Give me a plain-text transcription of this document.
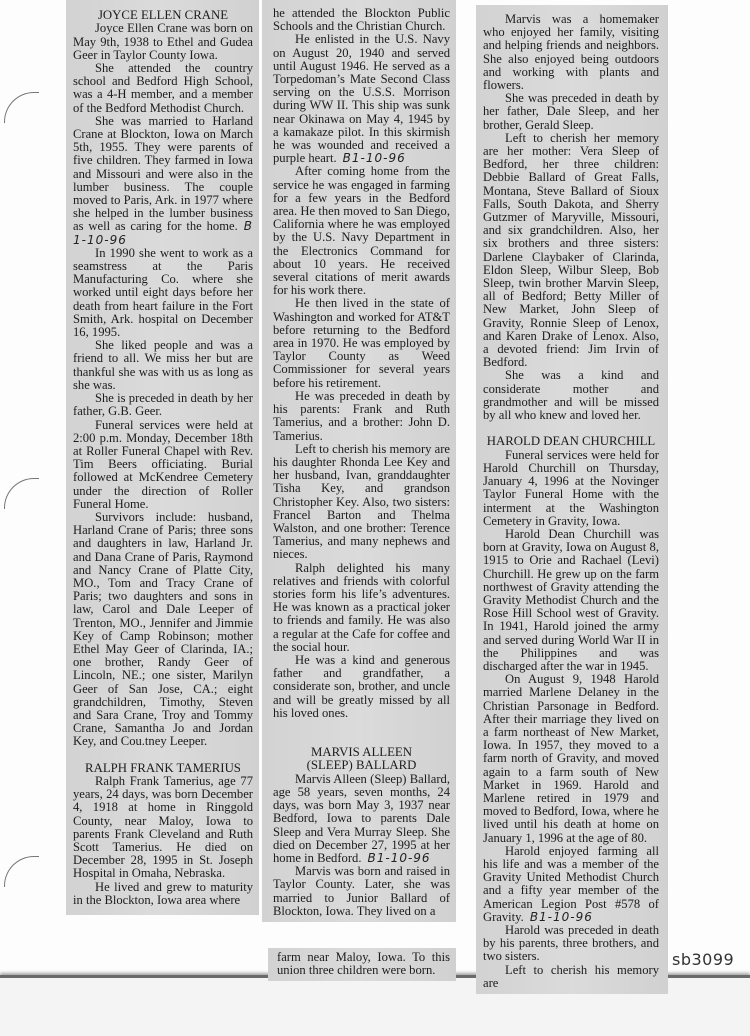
JOYCE ELLEN CRANE

Joyce Ellen Crane was born on May 9th, 1938 to Ethel and Gudea Geer in Taylor County Iowa.

She attended the country school and Bedford High School, was a 4-H member, and a member of the Bedford Methodist Church.

She was married to Harland Crane at Blockton, Iowa on March 5th, 1955. They were parents of five children. They farmed in Iowa and Missouri and were also in the lumber business. The couple moved to Paris, Ark. in 1977 where she helped in the lumber business as well as caring for the home. B 1-10-96

In 1990 she went to work as a seamstress at the Paris Manufacturing Co. where she worked until eight days before her death from heart failure in the Fort Smith, Ark. hospital on December 16, 1995.

She liked people and was a friend to all. We miss her but are thankful she was with us as long as she was.

She is preceded in death by her father, G.B. Geer.

Funeral services were held at 2:00 p.m. Monday, December 18th at Roller Funeral Chapel with Rev. Tim Beers officiating. Burial followed at McKendree Cemetery under the direction of Roller Funeral Home.

Survivors include: husband, Harland Crane of Paris; three sons and daughters in law, Harland Jr. and Dana Crane of Paris, Raymond and Nancy Crane of Platte City, MO., Tom and Tracy Crane of Paris; two daughters and sons in law, Carol and Dale Leeper of Trenton, MO., Jennifer and Jimmie Key of Camp Robinson; mother Ethel May Geer of Clarinda, IA.; one brother, Randy Geer of Lincoln, NE.; one sister, Marilyn Geer of San Jose, CA.; eight grandchildren, Timothy, Steven and Sara Crane, Troy and Tommy Crane, Samantha Jo and Jordan Key, and Cou.tney Leeper.

RALPH FRANK TAMERIUS

Ralph Frank Tamerius, age 77 years, 24 days, was born December 4, 1918 at home in Ringgold County, near Maloy, Iowa to parents Frank Cleveland and Ruth Scott Tamerius. He died on December 28, 1995 in St. Joseph Hospital in Omaha, Nebraska.

He lived and grew to maturity in the Blockton, Iowa area where

he attended the Blockton Public Schools and the Christian Church.

He enlisted in the U.S. Navy on August 20, 1940 and served until August 1946. He served as a Torpedoman’s Mate Second Class serving on the U.S.S. Morrison during WW II. This ship was sunk near Okinawa on May 4, 1945 by a kamakaze pilot. In this skirmish he was wounded and received a purple heart. B1-10-96

After coming home from the service he was engaged in farming for a few years in the Bedford area. He then moved to San Diego, California where he was employed by the U.S. Navy Department in the Electronics Command for about 10 years. He received several citations of merit awards for his work there.

He then lived in the state of Washington and worked for AT&T before returning to the Bedford area in 1970. He was employed by Taylor County as Weed Commissioner for several years before his retirement.

He was preceded in death by his parents: Frank and Ruth Tamerius, and a brother: John D. Tamerius.

Left to cherish his memory are his daughter Rhonda Lee Key and her husband, Ivan, granddaughter Tisha Key, and grandson Christopher Key. Also, two sisters: Francel Barton and Thelma Walston, and one brother: Terence Tamerius, and many nephews and nieces.

Ralph delighted his many relatives and friends with colorful stories form his life’s adventures. He was known as a practical joker to friends and family. He was also a regular at the Cafe for coffee and the social hour.

He was a kind and generous father and grandfather, a considerate son, brother, and uncle and will be greatly missed by all his loved ones.

MARVIS ALLEEN (SLEEP) BALLARD

Marvis Alleen (Sleep) Ballard, age 58 years, seven months, 24 days, was born May 3, 1937 near Bedford, Iowa to parents Dale Sleep and Vera Murray Sleep. She died on December 27, 1995 at her home in Bedford. B1-10-96

Marvis was born and raised in Taylor County. Later, she was married to Junior Ballard of Blockton, Iowa. They lived on a

farm near Maloy, Iowa. To this union three children were born.

Marvis was a homemaker who enjoyed her family, visiting and helping friends and neighbors. She also enjoyed being outdoors and working with plants and flowers.

She was preceded in death by her father, Dale Sleep, and her brother, Gerald Sleep.

Left to cherish her memory are her mother: Vera Sleep of Bedford, her three children: Debbie Ballard of Great Falls, Montana, Steve Ballard of Sioux Falls, South Dakota, and Sherry Gutzmer of Maryville, Missouri, and six grandchildren. Also, her six brothers and three sisters: Darlene Claybaker of Clarinda, Eldon Sleep, Wilbur Sleep, Bob Sleep, twin brother Marvin Sleep, all of Bedford; Betty Miller of New Market, John Sleep of Gravity, Ronnie Sleep of Lenox, and Karen Drake of Lenox. Also, a devoted friend: Jim Irvin of Bedford.

She was a kind and considerate mother and grandmother and will be missed by all who knew and loved her.

HAROLD DEAN CHURCHILL

Funeral services were held for Harold Churchill on Thursday, January 4, 1996 at the Novinger Taylor Funeral Home with the interment at the Washington Cemetery in Gravity, Iowa.

Harold Dean Churchill was born at Gravity, Iowa on August 8, 1915 to Orie and Rachael (Levi) Churchill. He grew up on the farm northwest of Gravity attending the Gravity Methodist Church and the Rose Hill School west of Gravity. In 1941, Harold joined the army and served during World War II in the Philippines and was discharged after the war in 1945.

On August 9, 1948 Harold married Marlene Delaney in the Christian Parsonage in Bedford. After their marriage they lived on a farm northeast of New Market, Iowa. In 1957, they moved to a farm north of Gravity, and moved again to a farm south of New Market in 1969. Harold and Marlene retired in 1979 and moved to Bedford, Iowa, where he lived until his death at home on January 1, 1996 at the age of 80.

Harold enjoyed farming all his life and was a member of the Gravity United Methodist Church and a fifty year member of the American Legion Post #578 of Gravity. B1-10-96

Harold was preceded in death by his parents, three brothers, and two sisters.

Left to cherish his memory are

sb3099
